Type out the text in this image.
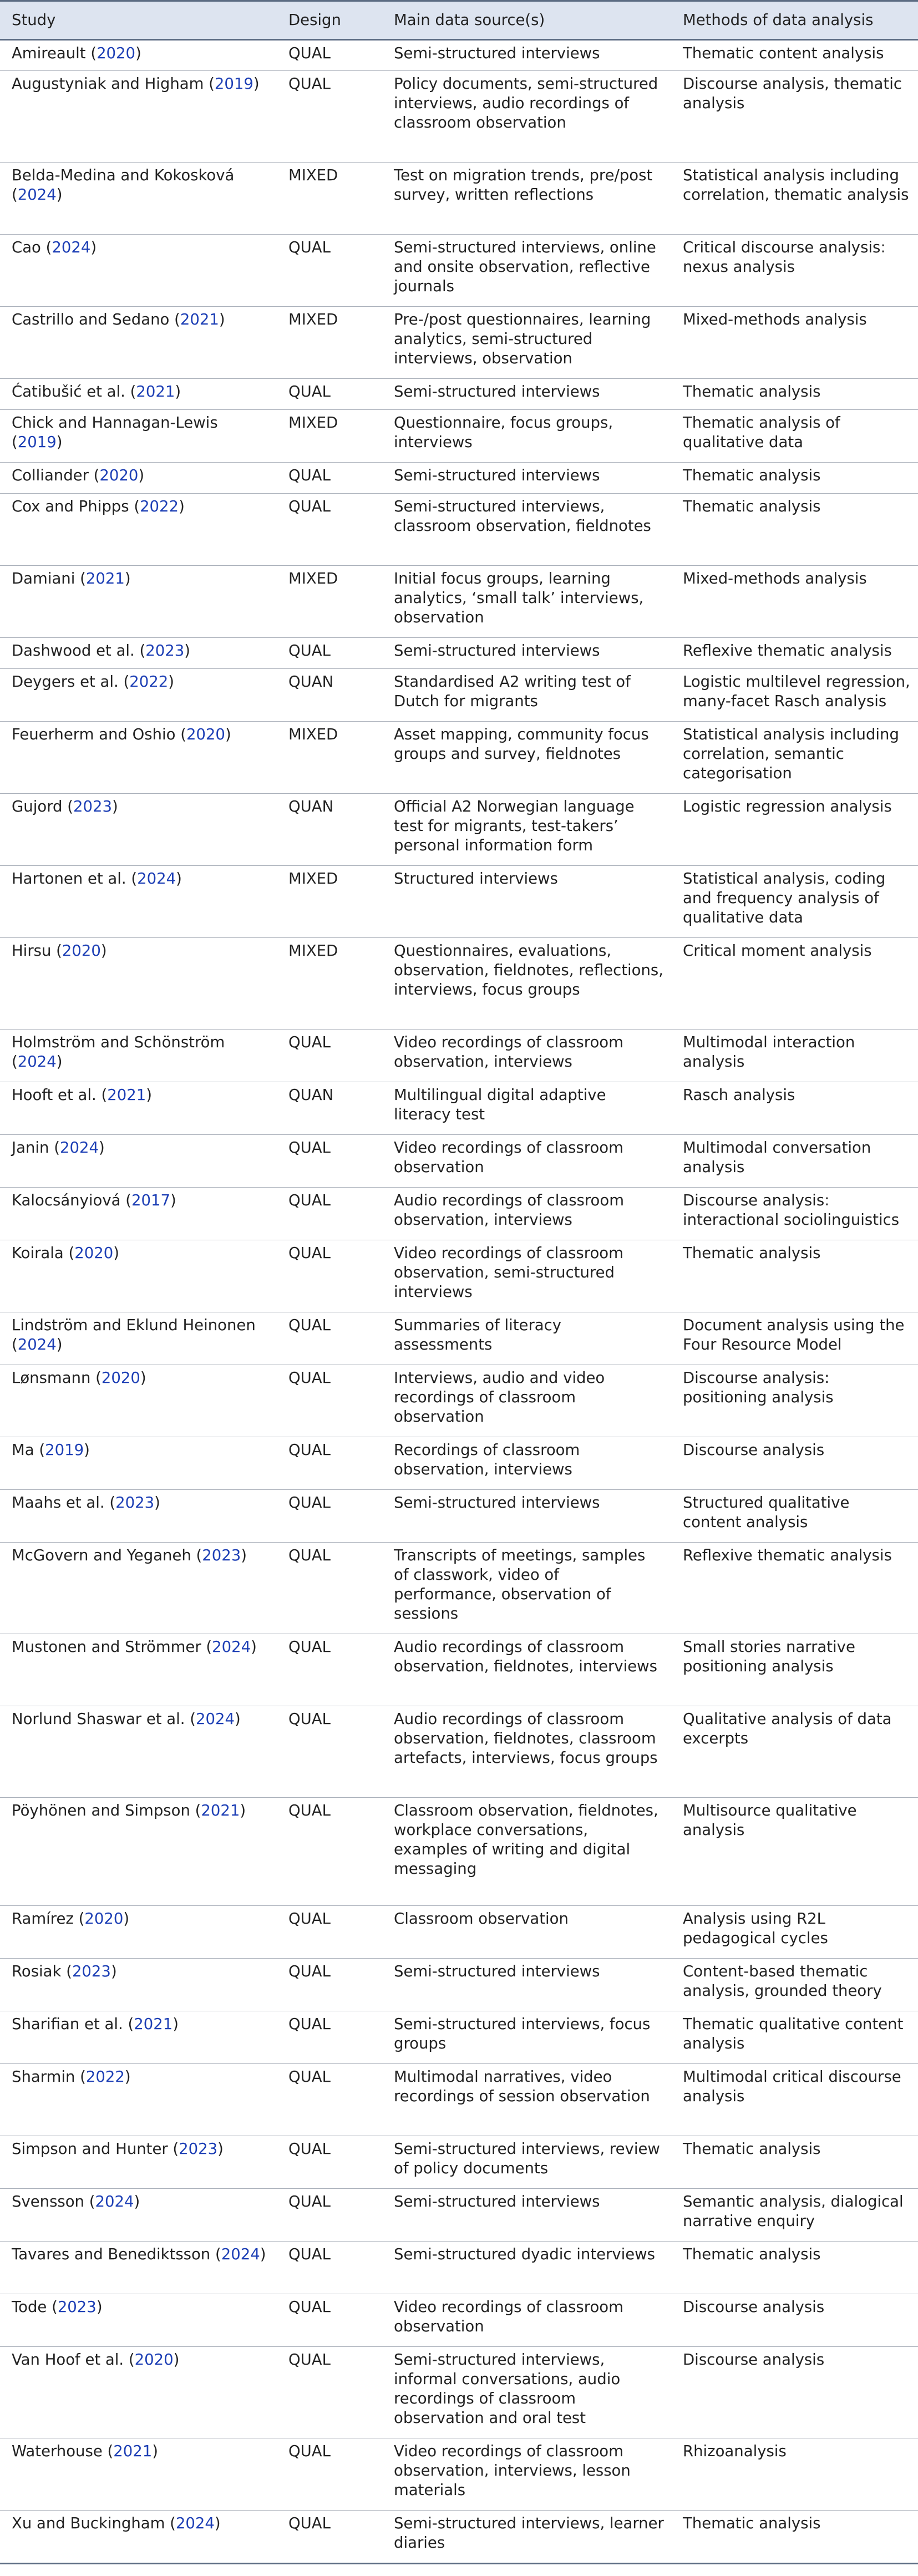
Study	Design	Main data source(s)	Methods of data analysis
Amireault (2020)	QUAL	Semi-structured interviews	Thematic content analysis
Augustyniak and Higham (2019)	QUAL	Policy documents, semi-structured interviews, audio recordings of classroom observation	Discourse analysis, thematic analysis
Belda-Medina and Kokosková (2024)	MIXED	Test on migration trends, pre/post survey, written reflections	Statistical analysis including correlation, thematic analysis
Cao (2024)	QUAL	Semi-structured interviews, online and onsite observation, reflective journals	Critical discourse analysis: nexus analysis
Castrillo and Sedano (2021)	MIXED	Pre-/post questionnaires, learning analytics, semi-structured interviews, observation	Mixed-methods analysis
Ćatibušić et al. (2021)	QUAL	Semi-structured interviews	Thematic analysis
Chick and Hannagan-Lewis (2019)	MIXED	Questionnaire, focus groups, interviews	Thematic analysis of qualitative data
Colliander (2020)	QUAL	Semi-structured interviews	Thematic analysis
Cox and Phipps (2022)	QUAL	Semi-structured interviews, classroom observation, fieldnotes	Thematic analysis
Damiani (2021)	MIXED	Initial focus groups, learning analytics, ‘small talk’ interviews, observation	Mixed-methods analysis
Dashwood et al. (2023)	QUAL	Semi-structured interviews	Reflexive thematic analysis
Deygers et al. (2022)	QUAN	Standardised A2 writing test of Dutch for migrants	Logistic multilevel regression, many-facet Rasch analysis
Feuerherm and Oshio (2020)	MIXED	Asset mapping, community focus groups and survey, fieldnotes	Statistical analysis including correlation, semantic categorisation
Gujord (2023)	QUAN	Official A2 Norwegian language test for migrants, test-takers’ personal information form	Logistic regression analysis
Hartonen et al. (2024)	MIXED	Structured interviews	Statistical analysis, coding and frequency analysis of qualitative data
Hirsu (2020)	MIXED	Questionnaires, evaluations, observation, fieldnotes, reflections, interviews, focus groups	Critical moment analysis
Holmström and Schönström (2024)	QUAL	Video recordings of classroom observation, interviews	Multimodal interaction analysis
Hooft et al. (2021)	QUAN	Multilingual digital adaptive literacy test	Rasch analysis
Janin (2024)	QUAL	Video recordings of classroom observation	Multimodal conversation analysis
Kalocsányiová (2017)	QUAL	Audio recordings of classroom observation, interviews	Discourse analysis: interactional sociolinguistics
Koirala (2020)	QUAL	Video recordings of classroom observation, semi-structured interviews	Thematic analysis
Lindström and Eklund Heinonen (2024)	QUAL	Summaries of literacy assessments	Document analysis using the Four Resource Model
Lønsmann (2020)	QUAL	Interviews, audio and video recordings of classroom observation	Discourse analysis: positioning analysis
Ma (2019)	QUAL	Recordings of classroom observation, interviews	Discourse analysis
Maahs et al. (2023)	QUAL	Semi-structured interviews	Structured qualitative content analysis
McGovern and Yeganeh (2023)	QUAL	Transcripts of meetings, samples of classwork, video of performance, observation of sessions	Reflexive thematic analysis
Mustonen and Strömmer (2024)	QUAL	Audio recordings of classroom observation, fieldnotes, interviews	Small stories narrative positioning analysis
Norlund Shaswar et al. (2024)	QUAL	Audio recordings of classroom observation, fieldnotes, classroom artefacts, interviews, focus groups	Qualitative analysis of data excerpts
Pöyhönen and Simpson (2021)	QUAL	Classroom observation, fieldnotes, workplace conversations, examples of writing and digital messaging	Multisource qualitative analysis
Ramírez (2020)	QUAL	Classroom observation	Analysis using R2L pedagogical cycles
Rosiak (2023)	QUAL	Semi-structured interviews	Content-based thematic analysis, grounded theory
Sharifian et al. (2021)	QUAL	Semi-structured interviews, focus groups	Thematic qualitative content analysis
Sharmin (2022)	QUAL	Multimodal narratives, video recordings of session observation	Multimodal critical discourse analysis
Simpson and Hunter (2023)	QUAL	Semi-structured interviews, review of policy documents	Thematic analysis
Svensson (2024)	QUAL	Semi-structured interviews	Semantic analysis, dialogical narrative enquiry
Tavares and Benediktsson (2024)	QUAL	Semi-structured dyadic interviews	Thematic analysis
Tode (2023)	QUAL	Video recordings of classroom observation	Discourse analysis
Van Hoof et al. (2020)	QUAL	Semi-structured interviews, informal conversations, audio recordings of classroom observation and oral test	Discourse analysis
Waterhouse (2021)	QUAL	Video recordings of classroom observation, interviews, lesson materials	Rhizoanalysis
Xu and Buckingham (2024)	QUAL	Semi-structured interviews, learner diaries	Thematic analysis
